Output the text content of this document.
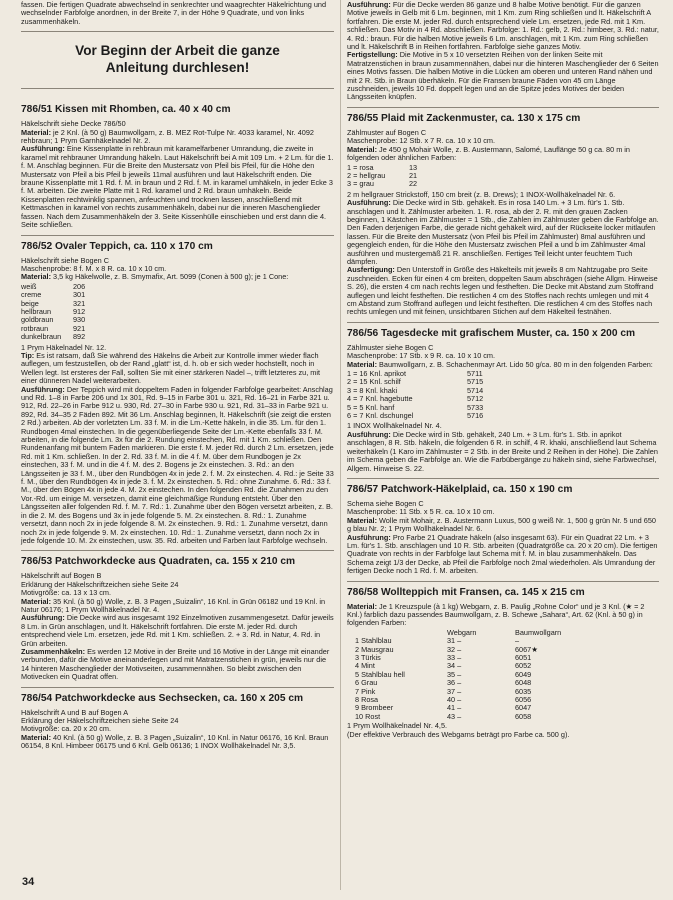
fassen. Die fertigen Quadrate abwechselnd in senkrechter und waagrechter Häkelrichtung und wechselnder Farbfolge anordnen, in der Breite 7, in der Höhe 9 Quadrate, und von links zusammenhäkeln.

Vor Beginn der Arbeit die ganze Anleitung durchlesen!
786/51 Kissen mit Rhomben, ca. 40 x 40 cm

Häkelschrift siehe Decke 786/50

Material: je 2 Knl. (à 50 g) Baumwollgarn, z. B. MEZ Rot-Tulpe Nr. 4033 karamel, Nr. 4092 rehbraun; 1 Prym Garnhäkelnadel Nr. 2.

Ausführung: Eine Kissenplatte in rehbraun mit karamelfarbener Umrandung, die zweite in karamel mit rehbrauner Umrandung häkeln. Laut Häkelschrift bei A mit 109 Lm. + 2 Lm. für die 1. f. M. Anschlag beginnen. Für die Breite den Mustersatz von Pfeil bis Pfeil, für die Höhe den Mustersatz von Pfeil a bis Pfeil b jeweils 11mal ausführen und laut Häkelschrift enden. Die braune Kissenplatte mit 1 Rd. f. M. in braun und 2 Rd. f. M. in karamel umhäkeln, in jeder Ecke 3 f. M. arbeiten. Die zweite Platte mit 1 Rd. karamel und 2 Rd. braun umhäkeln. Beide Kissenplatten rechtwinklig spannen, anfeuchten und trocknen lassen, anschließend mit Kettmaschen in karamel von rechts zusammenhäkeln, dabei nur die inneren Maschenglieder fassen. Nach dem Zusammenhäkeln der 3. Seite Kissenhülle einschieben und erst dann die 4. Seite schließen.

786/52 Ovaler Teppich, ca. 110 x 170 cm

Häkelschrift siehe Bogen C

Maschenprobe: 8 f. M. x 8 R. ca. 10 x 10 cm.

Material: 3,5 kg Häkelwolle, z. B. Smymafix, Art. 5099 (Conen à 500 g); je 1 Cone:

weiß	206
creme	301
beige	321
hellbraun	912
goldbraun	930
rotbraun	921
dunkelbraun	892

1 Prym Häkelnadel Nr. 12.

Tip: Es ist ratsam, daß Sie während des Häkelns die Arbeit zur Kontrolle immer wieder flach auflegen, um festzustellen, ob der Rand „glatt“ ist, d. h. ob er sich weder hochstellt, noch in Wellen legt. Ist ersteres der Fall, sollten Sie mit einer stärkeren Nadel –, trifft letzteres zu, mit einer dünneren Nadel weiterarbeiten.

Ausführung: Der Teppich wird mit doppeltem Faden in folgender Farbfolge gearbeitet: Anschlag und Rd. 1–8 in Farbe 206 und 1x 301, Rd. 9–15 in Farbe 301 u. 321, Rd. 16–21 in Farbe 321 u. 912, Rd. 22–26 in Farbe 912 u. 930, Rd. 27–30 in Farbe 930 u. 921, Rd. 31–33 in Farbe 921 u. 892, Rd. 34–35 2 Fäden 892. Mit 36 Lm. Anschlag beginnen, lt. Häkelschrift (sie zeigt die ersten 2 Rd.) arbeiten. Ab der vorletzten Lm. 33 f. M. in die Lm.-Kette häkeln, in die 35. Lm. für den 1. Rundbogen 4mal einstechen. In die gegenüberliegende Seite der Lm.-Kette ebenfalls 33 f. M. arbeiten, in die folgende Lm. 3x für die 2. Rundung einstechen, Rd. mit 1 Km. schließen. Den Rundenanfang mit buntem Faden markieren. Die erste f. M. jeder Rd. durch 2 Lm. ersetzen, jede Rd. mit 1 Km. schließen. In der 2. Rd. 33 f. M. in die 4 f. M. über dem Rundbogen je 2x einstechen, 33 f. M. und in die 4 f. M. des 2. Bogens je 2x einstechen. 3. Rd.: an den Längsseiten je 33 f. M., über den Rundbögen 4x in jede 2. f. M. 2x einstechen. 4. Rd.: je Seite 33 f. M., über den Rundbögen 4x in jede 3. f. M. 2x einstechen. 5. Rd.: ohne Zunahme. 6. Rd.: 33 f. M., über den Bögen 4x in jede 4. M. 2x einstechen. In den folgenden Rd. die Zunahmen zu den Vor.-Rd. um einige M. versetzen, damit eine gleichmäßige Rundung entsteht. Über den Längsseiten aller folgenden Rd. f. M. 7. Rd.: 1. Zunahme über den Bögen versetzt arbeiten, z. B. in die 2. M. des Bogens und 3x in jede folgende 5. M. 2x einstechen. 8. Rd.: 1. Zunahme versetzt, dann noch 2x in jede folgende 8. M. 2x einstechen. 9. Rd.: 1. Zunahme versetzt, dann noch 2x in jede folgende 9. M. 2x einstechen. 10. Rd.: 1. Zunahme versetzt, dann noch 2x in jede folgende 10. M. 2x einstechen, usw. 35. Rd. arbeiten und Farben laut Farbfolge wechseln.

786/53 Patchworkdecke aus Quadraten, ca. 155 x 210 cm

Häkelschrift auf Bogen B

Erklärung der Häkelschriftzeichen siehe Seite 24

Motivgröße: ca. 13 x 13 cm.

Material: 35 Knl. (à 50 g) Wolle, z. B. 3 Pagen „Suizalin“, 16 Knl. in Grün 06182 und 19 Knl. in Natur 06176; 1 Prym Wollhäkelnadel Nr. 4.

Ausführung: Die Decke wird aus insgesamt 192 Einzelmotiven zusammengesetzt. Dafür jeweils 8 Lm. in Grün anschlagen, und lt. Häkelschrift fortfahren. Die erste M. jeder Rd. durch entsprechend viele Lm. ersetzen, jede Rd. mit 1 Km. schließen. 2. + 3. Rd. in Natur, 4. Rd. in Grün arbeiten.

Zusammenhäkeln: Es werden 12 Motive in der Breite und 16 Motive in der Länge mit einander verbunden, dafür die Motive aneinanderlegen und mit Matratzenstichen in grün, jeweils nur die 14 hinteren Maschenglieder der Motivseiten, zusammennähen. So bleibt zwischen den Motivecken ein Quadrat offen.

786/54 Patchworkdecke aus Sechsecken, ca. 160 x 205 cm

Häkelschrift A und B auf Bogen A

Erklärung der Häkelschriftzeichen siehe Seite 24

Motivgröße: ca. 20 x 20 cm.

Material: 40 Knl. (à 50 g) Wolle, z. B. 3 Pagen „Suizalin“, 10 Knl. in Natur 06176, 16 Knl. Braun 06154, 8 Knl. Himbeer 06175 und 6 Knl. Gelb 06136; 1 INOX Wollhäkelnadel Nr. 3,5.

Ausführung: Für die Decke werden 86 ganze und 8 halbe Motive benötigt. Für die ganzen Motive jeweils in Gelb mit 6 Lm. beginnen, mit 1 Km. zum Ring schließen und lt. Häkelschrift A fortfahren. Die erste M. jeder Rd. durch entsprechend viele Lm. ersetzen, jede Rd. mit 1 Km. schließen. Das Motiv in 4 Rd. abschließen. Farbfolge: 1. Rd.: gelb, 2. Rd.: himbeer, 3. Rd.: natur, 4. Rd.: braun. Für die halben Motive jeweils 6 Lm. anschlagen, mit 1 Km. zum Ring schließen und lt. Häkelschrift B in Reihen fortfahren. Farbfolge siehe ganzes Motiv.

Fertigstellung: Die Motive in 5 x 10 versetzten Reihen von der linken Seite mit Matratzenstichen in braun zusammennähen, dabei nur die hinteren Maschenglieder der 6 Seiten eines Motivs fassen. Die halben Motive in die Lücken am oberen und unteren Rand nähen und mit 2 R. Stb. in Braun überhäkeln. Für die Fransen braune Fäden von 45 cm Länge zuschneiden, jeweils 10 Fd. doppelt legen und an die Spitze jedes Motives der beiden Längsseiten knüpfen.

786/55 Plaid mit Zackenmuster, ca. 130 x 175 cm

Zählmuster auf Bogen C

Maschenprobe: 12 Stb. x 7 R. ca. 10 x 10 cm.

Material: Je 450 g Mohair Wolle, z. B. Austermann, Salomé, Lauflänge 50 g ca. 80 m in folgenden oder ähnlichen Farben:

1 = rosa	13
2 = hellgrau	21
3 = grau	22

2 m hellgrauer Strickstoff, 150 cm breit (z. B. Drews); 1 INOX-Wollhäkelnadel Nr. 6.

Ausführung: Die Decke wird in Stb. gehäkelt. Es in rosa 140 Lm. + 3 Lm. für's 1. Stb. anschlagen und lt. Zählmuster arbeiten. 1. R. rosa, ab der 2. R. mit den grauen Zacken beginnen, 1 Kästchen im Zählmuster = 1 Stb., die Zahlen im Zählmuster geben die Farbfolge an. Den Faden derjenigen Farbe, die gerade nicht gehäkelt wird, auf der Rückseite locker mitlaufen lassen. Für die Breite den Mustersatz (von Pfeil bis Pfeil im Zählmuster) 8mal ausführen und gegengleich enden, für die Höhe den Mustersatz zwischen Pfeil a und b im Zählmuster 4mal ausführen und mustergemäß 21 R. anschließen. Fertiges Teil leicht unter feuchtem Tuch dämpfen.

Ausfertigung: Den Unterstoff in Größe des Häkelteils mit jeweils 8 cm Nahtzugabe pro Seite zuschneiden. Ecken für einen 4 cm breiten, doppelten Saum abschrägen (siehe Allgm. Hinweise S. 26), die ersten 4 cm nach rechts legen und festheften. Die Decke mit Abstand zum Stoffrand auflegen und leicht festheften. Die restlichen 4 cm des Stoffes nach rechts umlegen und mit 4 cm Abstand zum Stoffrand auflegen und leicht festheften. Die restlichen 4 cm des Stoffes nach rechts umlegen und mit feinen, unsichtbaren Stichen auf dem Häkelteil festnähen.

786/56 Tagesdecke mit grafischem Muster, ca. 150 x 200 cm

Zählmuster siehe Bogen C

Maschenprobe: 17 Stb. x 9 R. ca. 10 x 10 cm.

Material: Baumwollgarn, z. B. Schachenmayr Art. Lido 50 g/ca. 80 m in den folgenden Farben:

1 = 16 Knl. aprikot	5711
2 = 15 Knl. schilf	5715
3 = 8 Knl. khaki	5714
4 = 7 Knl. hagebutte	5712
5 = 5 Knl. hanf	5733
6 = 7 Knl. dschungel	5716

1 INOX Wollhäkelnadel Nr. 4.

Ausführung: Die Decke wird in Stb. gehäkelt, 240 Lm. + 3 Lm. für's 1. Stb. in aprikot anschlagen, 8 R. Stb. häkeln, die folgenden 6 R. in schilf, 4 R. khaki, anschließend laut Schema weiterhäkeln (1 Karo im Zählmuster = 2 Stb. in der Breite und 2 Reihen in der Höhe). Die Zahlen im Schema geben die Farbfolge an. Wie die Farbübergänge zu häkeln sind, siehe Farbwechsel, Allgem. Hinweise S. 22.

786/57 Patchwork-Häkelplaid, ca. 150 x 190 cm

Schema siehe Bogen C

Maschenprobe: 11 Stb. x 5 R. ca. 10 x 10 cm.

Material: Wolle mit Mohair, z. B. Austermann Luxus, 500 g weiß Nr. 1, 500 g grün Nr. 5 und 650 g blau Nr. 2; 1 Prym Wollhäkelnadel Nr. 6.

Ausführung: Pro Farbe 21 Quadrate häkeln (also insgesamt 63). Für ein Quadrat 22 Lm. + 3 Lm. für's 1. Stb. anschlagen und 10 R. Stb. arbeiten (Quadratgröße ca. 20 x 20 cm). Die fertigen Quadrate von rechts in der Farbfolge laut Schema mit f. M. in blau zusammenhäkeln. Das Schema zeigt 1/3 der Decke, ab Pfeil die Farbfolge noch 2mal wiederholen. Als Umrandung der fertigen Decke noch 1 Rd. f. M. arbeiten.

786/58 Wollteppich mit Fransen, ca. 145 x 215 cm

Material: Je 1 Kreuzspule (à 1 kg) Webgarn, z. B. Paulig „Rohne Color“ und je 3 Knl. (★ = 2 Knl.) farblich dazu passendes Baumwollgarn, z. B. Schewe „Sahara“, Art. 62 (Knl. à 50 g) in folgenden Farben:

	Webgarn	Baumwollgarn
1 Stahlblau	31 –	–
2 Mausgrau	32 –	6067★
3 Türkis	33 –	6051
4 Mint	34 –	6052
5 Stahlblau hell	35 –	6049
6 Grau	36 –	6048
7 Pink	37 –	6035
8 Rosa	40 –	6056
9 Brombeer	41 –	6047
10 Rost	43 –	6058

1 Prym Wollhäkelnadel Nr. 4,5.

(Der effektive Verbrauch des Webgarns beträgt pro Farbe ca. 500 g).

34
